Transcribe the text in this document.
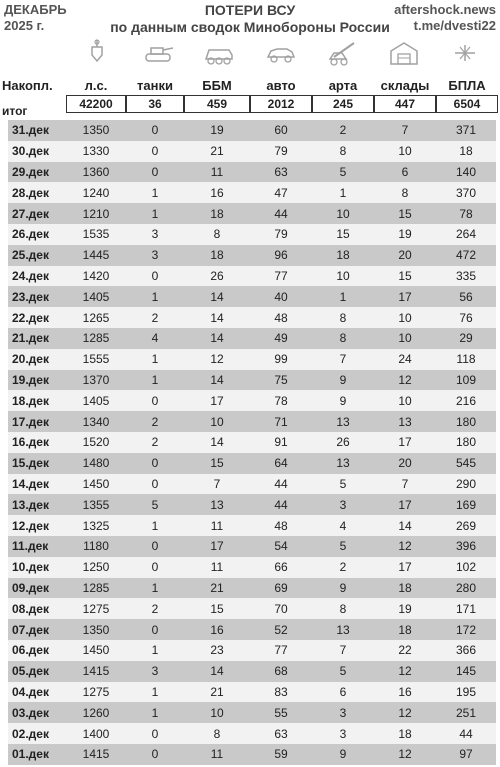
ДЕКАБРЬ
2025 г.
ПОТЕРИ ВСУ
по данным сводок Минобороны России
aftershock.news
t.me/dvesti22
Накопл.	л.с.	танки	ББМ	авто	арта	склады	БПЛА
итог	42200	36	459	2012	245	447	6504
31.дек	1350	0	19	60	2	7	371
30.дек	1330	0	21	79	8	10	18
29.дек	1360	0	11	63	5	6	140
28.дек	1240	1	16	47	1	8	370
27.дек	1210	1	18	44	10	15	78
26.дек	1535	3	8	79	15	19	264
25.дек	1445	3	18	96	18	20	472
24.дек	1420	0	26	77	10	15	335
23.дек	1405	1	14	40	1	17	56
22.дек	1265	2	14	48	8	10	76
21.дек	1285	4	14	49	8	10	29
20.дек	1555	1	12	99	7	24	118
19.дек	1370	1	14	75	9	12	109
18.дек	1405	0	17	78	9	10	216
17.дек	1340	2	10	71	13	13	180
16.дек	1520	2	14	91	26	17	180
15.дек	1480	0	15	64	13	20	545
14.дек	1450	0	7	44	5	7	290
13.дек	1355	5	13	44	3	17	169
12.дек	1325	1	11	48	4	14	269
11.дек	1180	0	17	54	5	12	396
10.дек	1250	0	11	66	2	17	102
09.дек	1285	1	21	69	9	18	280
08.дек	1275	2	15	70	8	19	171
07.дек	1350	0	16	52	13	18	172
06.дек	1450	1	23	77	7	22	366
05.дек	1415	3	14	68	5	12	145
04.дек	1275	1	21	83	6	16	195
03.дек	1260	1	10	55	3	12	251
02.дек	1400	0	8	63	3	18	44
01.дек	1415	0	11	59	9	12	97
